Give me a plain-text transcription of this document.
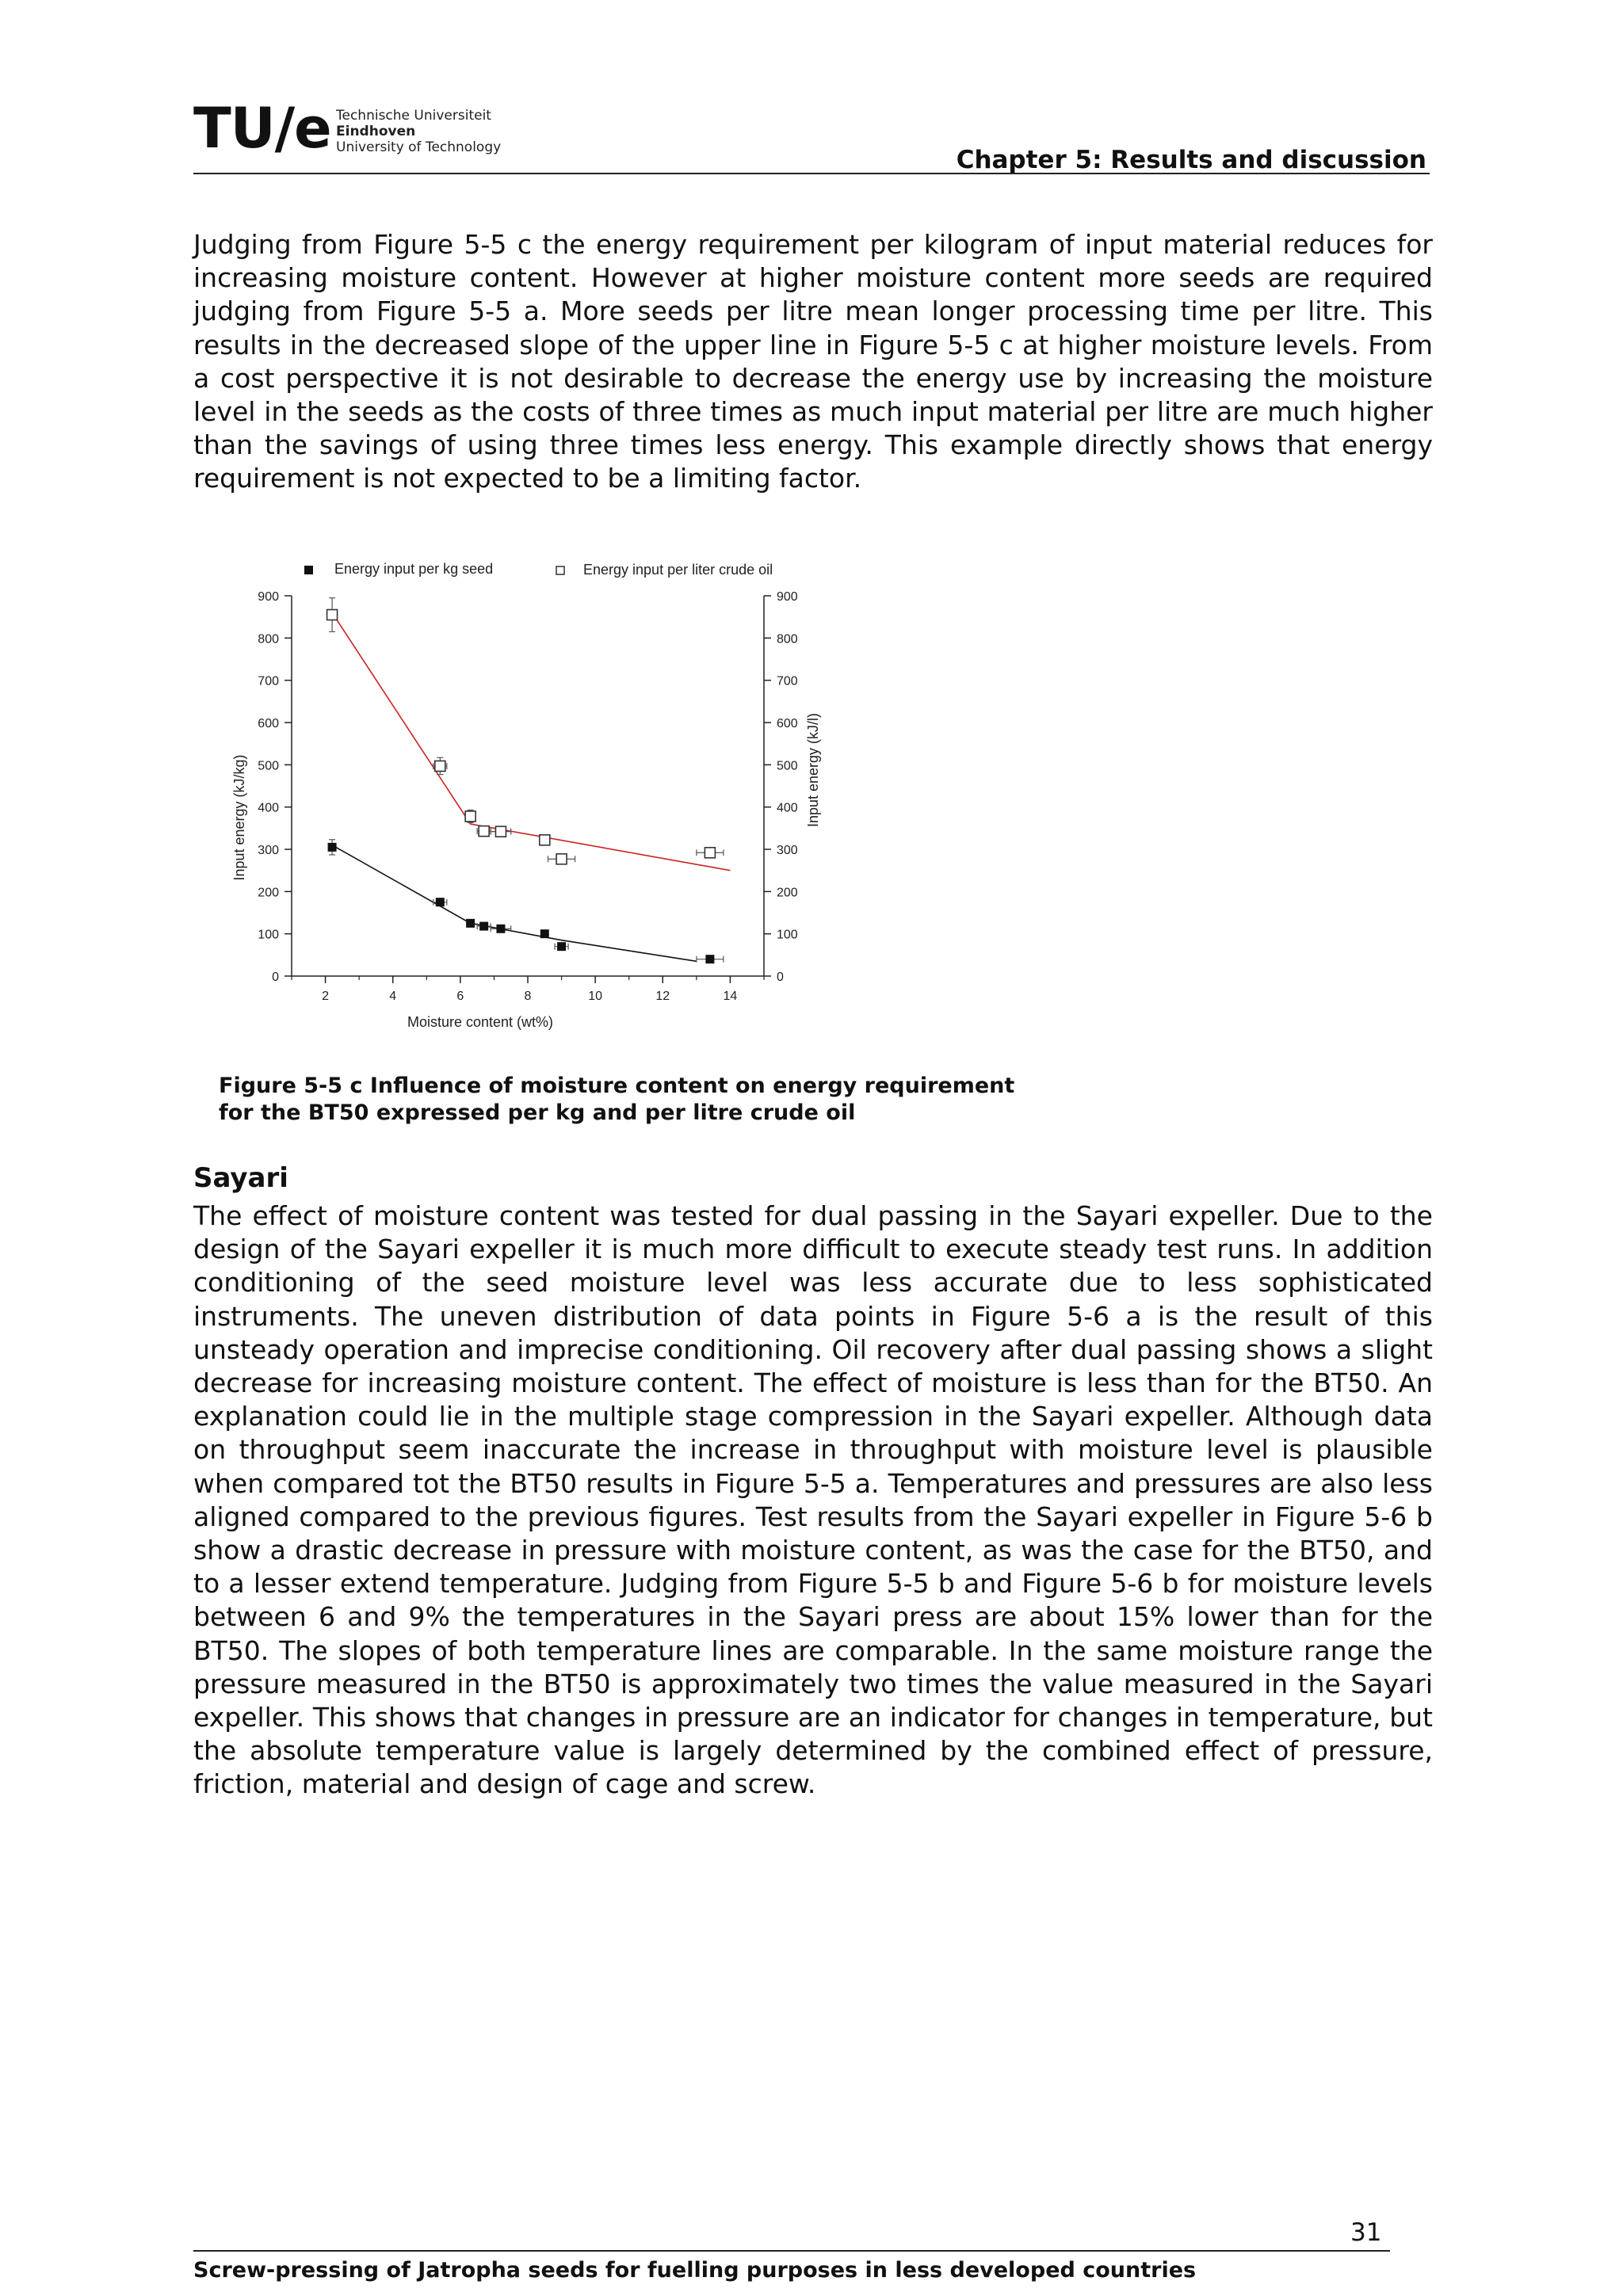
TU/e Technische Universiteit
Eindhoven
University of Technology	Chapter 5: Results and discussion
Judging from Figure 5-5 c the energy requirement per kilogram of input material reduces for increasing moisture content. However at higher moisture content more seeds are required judging from Figure 5-5 a. More seeds per litre mean longer processing time per litre. This results in the decreased slope of the upper line in Figure 5-5 c at higher moisture levels. From a cost perspective it is not desirable to decrease the energy use by increasing the moisture level in the seeds as the costs of three times as much input material per litre are much higher than the savings of using three times less energy. This example directly shows that energy requirement is not expected to be a limiting factor.
0	0
100	100
200	200
300	300
400	400
500	500
600	600
700	700
800	800
900	900
2	4	6	8	10	12	14
Moisture content (wt%)
Input energy (kJ/kg)	Input energy (kJ/l)
Energy input per kg seed	Energy input per liter crude oil
Figure 5-5 c Influence of moisture content on energy requirement
for the BT50 expressed per kg and per litre crude oil
Sayari
The effect of moisture content was tested for dual passing in the Sayari expeller. Due to the design of the Sayari expeller it is much more difficult to execute steady test runs. In addition conditioning of the seed moisture level was less accurate due to less sophisticated instruments. The uneven distribution of data points in Figure 5-6 a is the result of this unsteady operation and imprecise conditioning. Oil recovery after dual passing shows a slight decrease for increasing moisture content. The effect of moisture is less than for the BT50. An explanation could lie in the multiple stage compression in the Sayari expeller. Although data on throughput seem inaccurate the increase in throughput with moisture level is plausible when compared tot the BT50 results in Figure 5-5 a. Temperatures and pressures are also less aligned compared to the previous figures. Test results from the Sayari expeller in Figure 5-6 b show a drastic decrease in pressure with moisture content, as was the case for the BT50, and to a lesser extend temperature. Judging from Figure 5-5 b and Figure 5-6 b for moisture levels between 6 and 9% the temperatures in the Sayari press are about 15% lower than for the BT50. The slopes of both temperature lines are comparable. In the same moisture range the pressure measured in the BT50 is approximately two times the value measured in the Sayari expeller. This shows that changes in pressure are an indicator for changes in temperature, but the absolute temperature value is largely determined by the combined effect of pressure, friction, material and design of cage and screw.
31
Screw-pressing of Jatropha seeds for fuelling purposes in less developed countries
